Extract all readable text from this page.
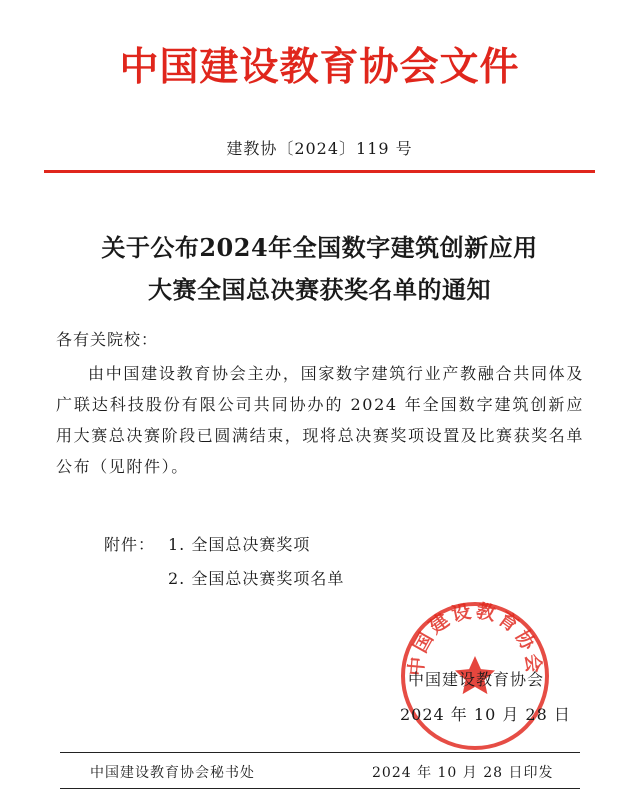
中国建设教育协会文件
建教协〔2024〕119 号
关于公布2024年全国数字建筑创新应用
大赛全国总决赛获奖名单的通知
各有关院校：
由中国建设教育协会主办，国家数字建筑行业产教融合共同体及广联达科技股份有限公司共同协办的 2024 年全国数字建筑创新应用大赛总决赛阶段已圆满结束，现将总决赛奖项设置及比赛获奖名单公布（见附件）。
附件： 1. 全国总决赛奖项
2. 全国总决赛奖项名单
中国建设教育协会
中国建设教育协会
2024 年 10 月 28 日
中国建设教育协会秘书处	2024 年 10 月 28 日印发
